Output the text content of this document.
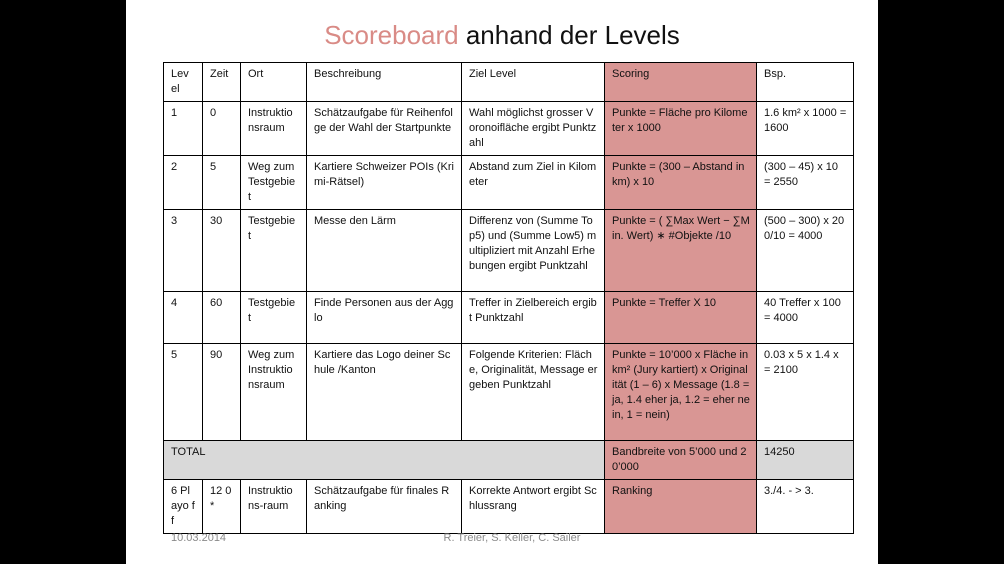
Scoreboard anhand der Levels
Lev el	Zeit	Ort	Beschreibung	Ziel Level	Scoring	Bsp.
1	0	Instruktio nsraum	Schätzaufgabe für Reihenfolge der Wahl der Startpunkte	Wahl möglichst grosser Voronoifläche ergibt Punktzahl	Punkte = Fläche pro Kilometer x 1000	1.6 km² x 1000 = 1600
2	5	Weg zum Testgebie t	Kartiere Schweizer POIs (Krimi-Rätsel)	Abstand zum Ziel in Kilometer	Punkte = (300 – Abstand in km) x 10	(300 – 45) x 10 = 2550
3	30	Testgebie t	Messe den Lärm	Differenz von (Summe Top5) und (Summe Low5) multipliziert mit Anzahl Erhebungen ergibt Punktzahl	Punkte = ( ∑Max Wert − ∑Min. Wert) ∗ #Objekte /10	(500 – 300) x 200/10 = 4000
4	60	Testgebie t	Finde Personen aus der Agglo	Treffer in Zielbereich ergibt Punktzahl	Punkte = Treffer X 10	40 Treffer x 100 = 4000
5	90	Weg zum Instruktio nsraum	Kartiere das Logo deiner Schule /Kanton	Folgende Kriterien: Fläche, Originalität, Message ergeben Punktzahl	Punkte = 10’000 x Fläche in km² (Jury kartiert) x Originalität (1 – 6) x Message (1.8 = ja, 1.4 eher ja, 1.2 = eher nein, 1 = nein)	0.03 x 5 x 1.4 x = 2100
TOTAL					Bandbreite von 5’000 und 20’000	14250
6 Playo ff	12 0*	Instruktio ns-raum	Schätzaufgabe für finales Ranking	Korrekte Antwort ergibt Schlussrang	Ranking	3./4. - > 3.
10.03.2014	R. Treier, S. Keller, C. Sailer
